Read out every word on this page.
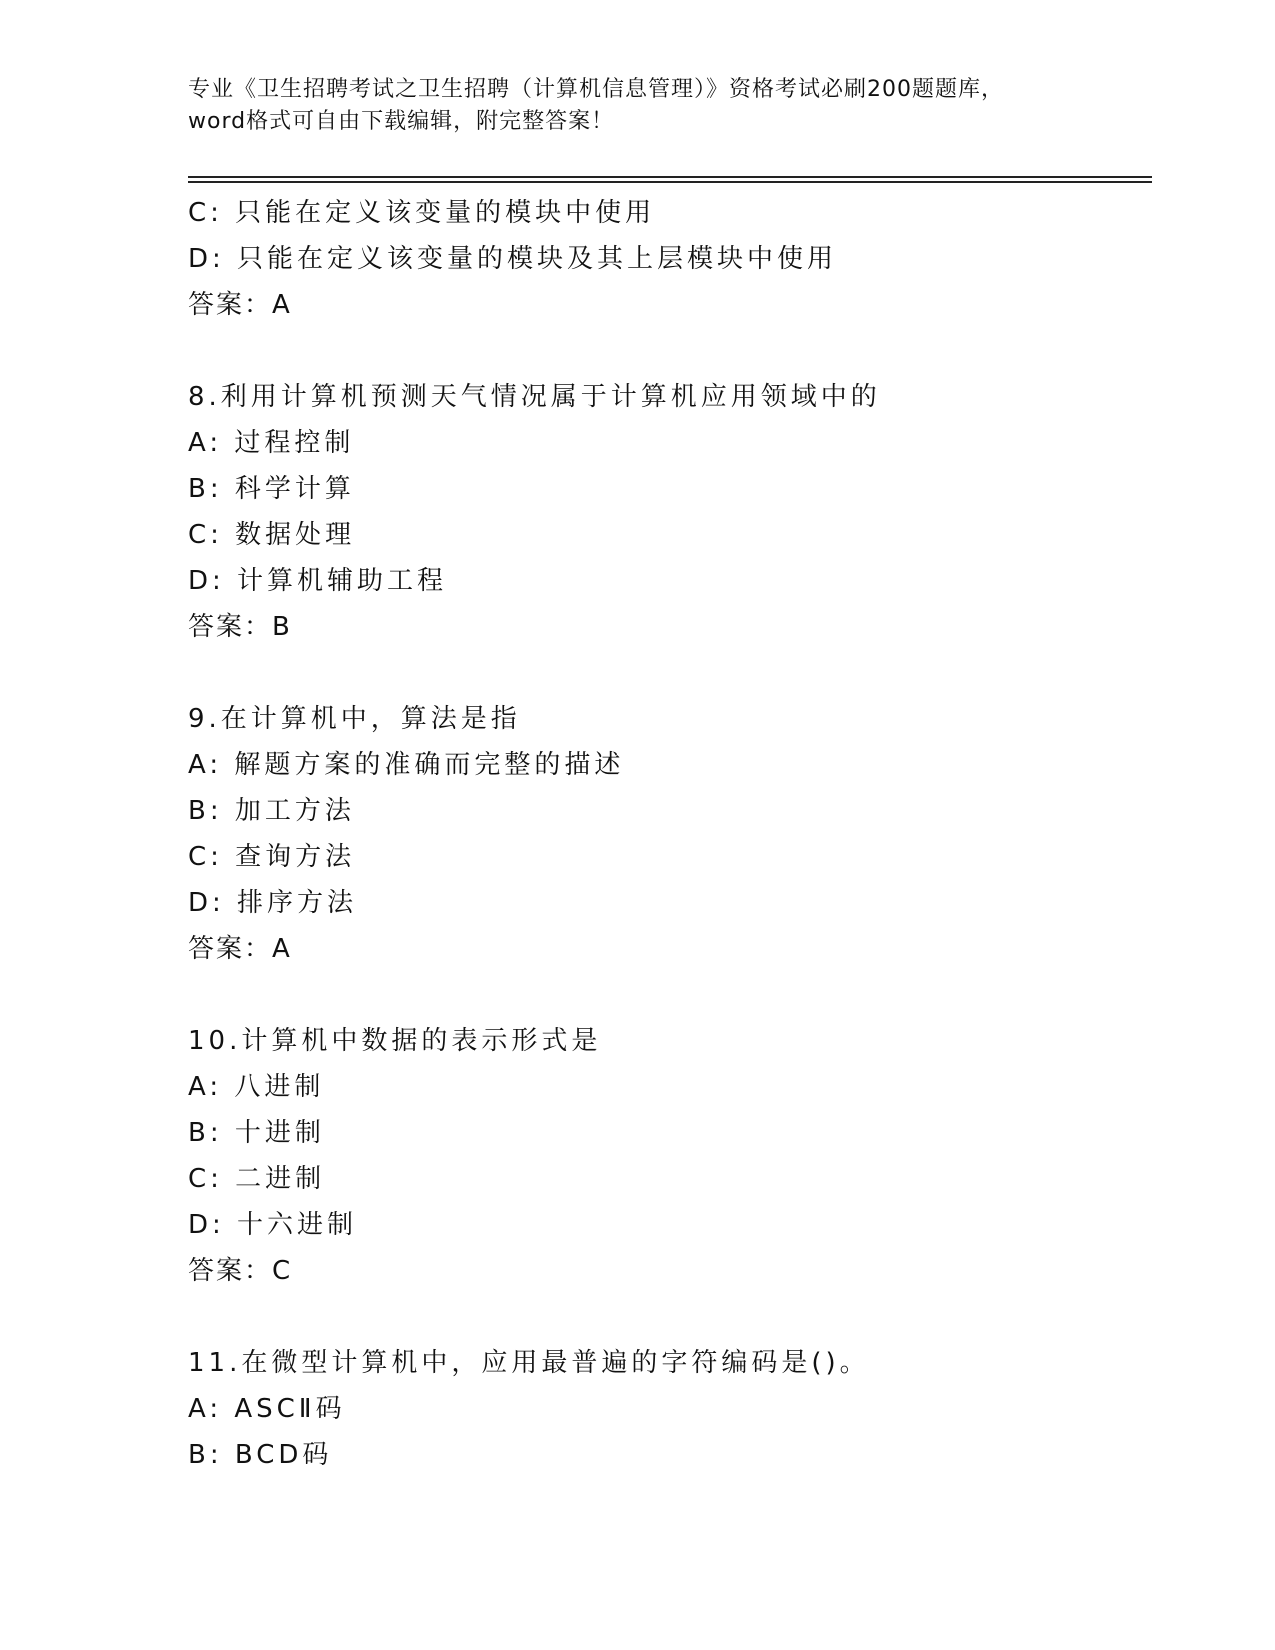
专业《卫生招聘考试之卫生招聘（计算机信息管理）》资格考试必刷200题题库，
word格式可自由下载编辑，附完整答案！
C: 只能在定义该变量的模块中使用
D: 只能在定义该变量的模块及其上层模块中使用
答案：A
8.利用计算机预测天气情况属于计算机应用领域中的
A: 过程控制
B: 科学计算
C: 数据处理
D: 计算机辅助工程
答案：B
9.在计算机中，算法是指
A: 解题方案的准确而完整的描述
B: 加工方法
C: 查询方法
D: 排序方法
答案：A
10.计算机中数据的表示形式是
A: 八进制
B: 十进制
C: 二进制
D: 十六进制
答案：C
11.在微型计算机中，应用最普遍的字符编码是()。
A: ASCⅡ码
B: BCD码
